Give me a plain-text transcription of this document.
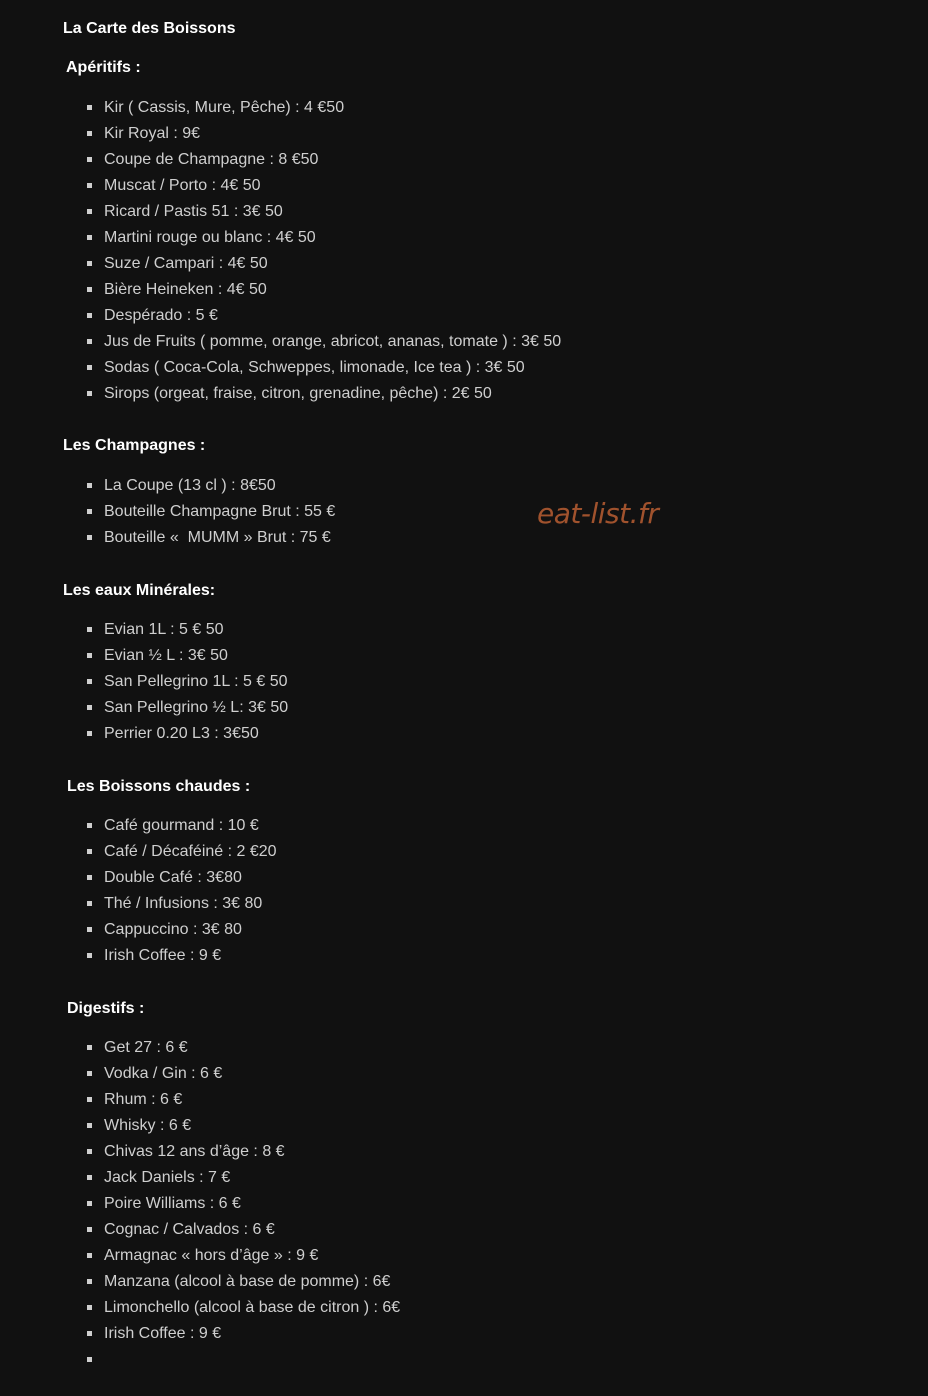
La Carte des Boissons
Apéritifs :
Kir ( Cassis, Mure, Pêche) : 4 €50
Kir Royal : 9€
Coupe de Champagne : 8 €50
Muscat / Porto : 4€ 50
Ricard / Pastis 51 : 3€ 50
Martini rouge ou blanc : 4€ 50
Suze / Campari : 4€ 50
Bière Heineken : 4€ 50
Despérado : 5 €
Jus de Fruits ( pomme, orange, abricot, ananas, tomate ) : 3€ 50
Sodas ( Coca-Cola, Schweppes, limonade, Ice tea ) : 3€ 50
Sirops (orgeat, fraise, citron, grenadine, pêche) : 2€ 50
Les Champagnes :
La Coupe (13 cl ) : 8€50
Bouteille Champagne Brut : 55 €
Bouteille «  MUMM » Brut : 75 €
Les eaux Minérales:
Evian 1L : 5 € 50
Evian ½ L : 3€ 50
San Pellegrino 1L : 5 € 50
San Pellegrino ½ L: 3€ 50
Perrier 0.20 L3 : 3€50
Les Boissons chaudes :
Café gourmand : 10 €
Café / Décaféiné : 2 €20
Double Café : 3€80
Thé / Infusions : 3€ 80
Cappuccino : 3€ 80
Irish Coffee : 9 €
Digestifs :
Get 27 : 6 €
Vodka / Gin : 6 €
Rhum : 6 €
Whisky : 6 €
Chivas 12 ans d’âge : 8 €
Jack Daniels : 7 €
Poire Williams : 6 €
Cognac / Calvados : 6 €
Armagnac « hors d’âge » : 9 €
Manzana (alcool à base de pomme) : 6€
Limonchello (alcool à base de citron ) : 6€
Irish Coffee : 9 €
eat-list.fr
